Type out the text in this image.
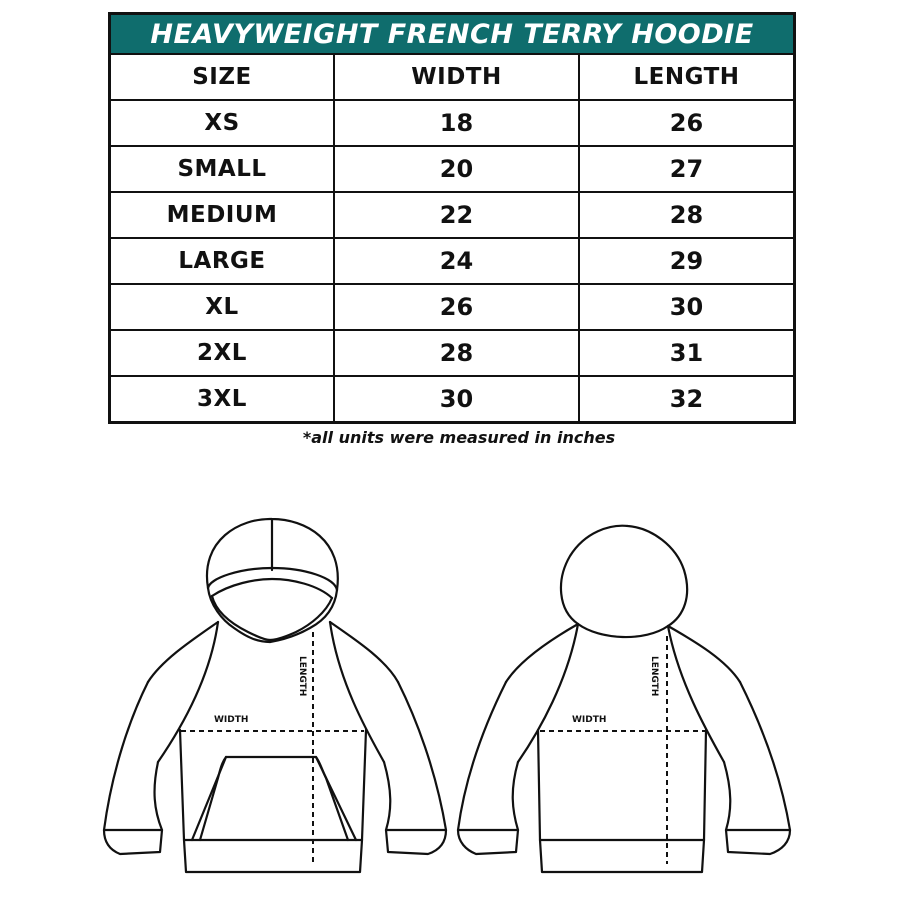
HEAVYWEIGHT FRENCH TERRY HOODIE		
SIZE	WIDTH	LENGTH
XS	18	26
SMALL	20	27
MEDIUM	22	28
LARGE	24	29
XL	26	30
2XL	28	31
3XL	30	32
*all units were measured in inches
WIDTH
LENGTH
WIDTH
LENGTH
